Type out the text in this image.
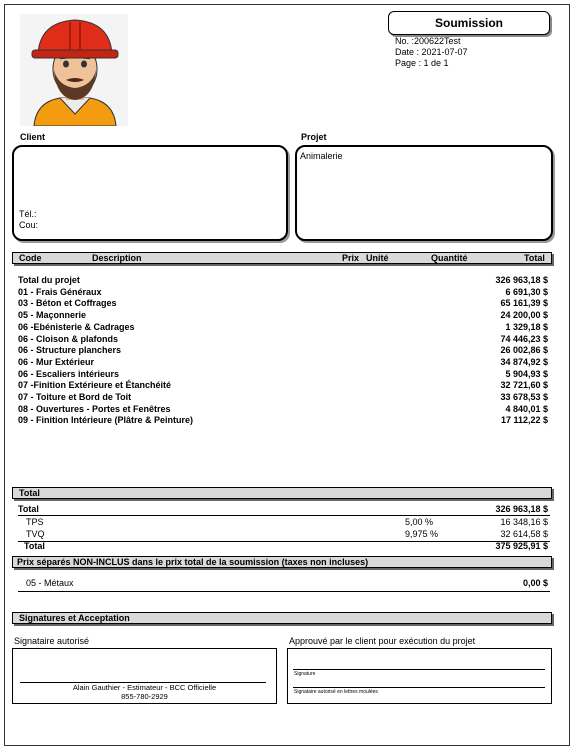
Soumission
No. :200622Test
Date : 2021-07-07
Page : 1 de 1
Client
Tél.:
Cou:
Projet
Animalerie
Code	Description	Prix Unité	Quantité	Total
Total du projet	326 963,18 $
01 - Frais Généraux	6 691,30 $
03 - Béton et Coffrages	65 161,39 $
05 - Maçonnerie	24 200,00 $
06 -Ebénisterie & Cadrages	1 329,18 $
06 - Cloison & plafonds	74 446,23 $
06 - Structure planchers	26 002,86 $
06 - Mur Extérieur	34 874,92 $
06 - Escaliers intérieurs	5 904,93 $
07 -Finition Extérieure et Étanchéité	32 721,60 $
07 - Toiture et Bord de Toit	33 678,53 $
08 - Ouvertures - Portes et Fenêtres	4 840,01 $
09 - Finition Intérieure (Plâtre & Peinture)	17 112,22 $
Total
Total	326 963,18 $
TPS	5,00 %	16 348,16 $
TVQ	9,975 %	32 614,58 $
Total	375 925,91 $
Prix séparés NON-INCLUS dans le prix total de la soumission (taxes non incluses)
05 - Métaux	0,00 $
Signatures et Acceptation
Signataire autorisé
Alain Gauthier - Estimateur - BCC Officielle
855-780-2929
Approuvé par le client pour exécution du projet
Signature
Signataire autorisé en lettres moulées
